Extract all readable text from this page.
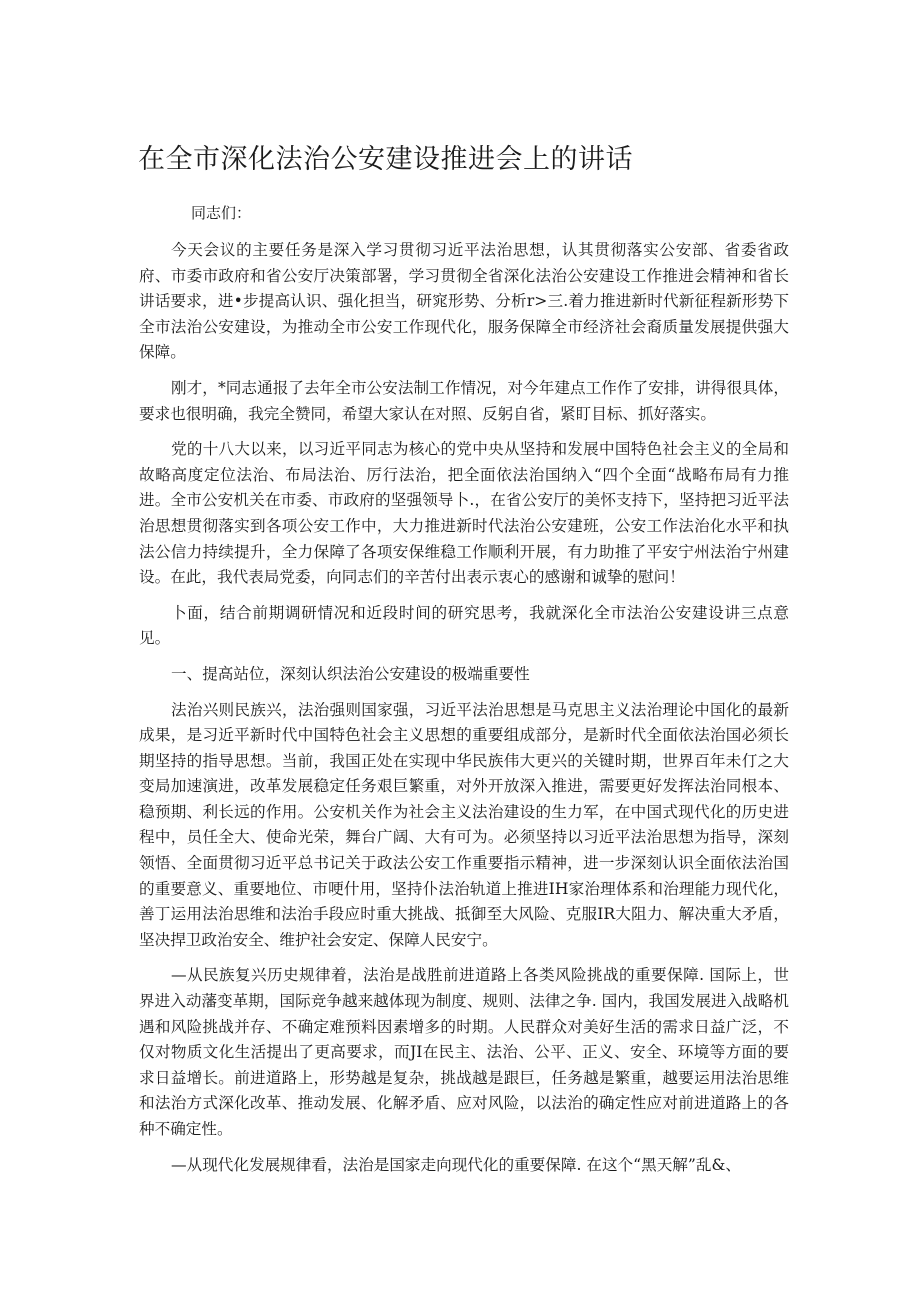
在全市深化法治公安建设推进会上的讲话

同志们：

今天会议的主要任务是深入学习贯彻习近平法治思想，认其贯彻落实公安部、省委省政府、市委市政府和省公安厅决策部署，学习贯彻全省深化法治公安建设工作推进会精神和省长讲话要求，进•步提高认识、强化担当，研窕形势、分析r>三.着力推进新时代新征程新形势下全市法治公安建设，为推动全市公安工作现代化，服务保障全市经济社会裔质量发展提供强大保障。

刚才，*同志通报了去年全市公安法制工作情况，对今年建点工作作了安排，讲得很具体，要求也很明确，我完全赞同，希望大家认在对照、反躬自省，紧盯目标、抓好落实。

党的十八大以来，以习近平同志为核心的党中央从坚持和发展中国特色社会主义的全局和故略高度定位法治、布局法治、厉行法治，把全面依法治国纳入“四个全面“战略布局有力推进。全市公安机关在市委、市政府的坚强领导卜.，在省公安厅的美怀支持下，坚持把习近平法治思想贯彻落实到各项公安工作中，大力推进新时代法治公安建班，公安工作法治化水平和执法公信力持续提升，全力保障了各项安保维稳工作顺利开展，有力助推了平安宁州法治宁州建设。在此，我代表局党委，向同志们的辛苦付出表示衷心的感谢和诚挚的慰问！

卜面，结合前期调研情况和近段时间的研究思考，我就深化全市法治公安建设讲三点意见。

一、提高站位，深刻认织法治公安建设的极端重要性

法治兴则民族兴，法治强则国家强，习近平法治思想是马克思主义法治理论中国化的最新成果，是习近平新时代中国特色社会主义思想的重要组成部分，是新时代全面依法治国必须长期坚持的指导思想。当前，我国正处在实现中华民族伟大更兴的关键时期，世界百年未仃之大变局加速演进，改革发展稳定任务艰巨繁重，对外开放深入推进，需要更好发挥法治同根本、稳预期、利长远的作用。公安机关作为社会主义法治建设的生力军，在中国式现代化的历史进程中，员任全大、使命光荣，舞台广阔、大有可为。必须坚持以习近平法治思想为指导，深刻领悟、全面贯彻习近平总书记关于政法公安工作重要指示精神，进一步深刻认识全面依法治国的重要意义、重要地位、市哽什用，坚持仆法治轨道上推进IH家治理体系和治理能力现代化，善丁运用法治思维和法治手段应时重大挑战、抵御至大风险、克服IR大阻力、解决重大矛盾，坚决捍卫政治安全、维护社会安定、保障人民安宁。

—从民族复兴历史规律着，法治是战胜前进道路上各类风险挑战的重要保障. 国际上，世界进入动藩变革期，国际竞争越来越体现为制度、规则、法律之争. 国内，我国发展进入战略机遇和风险挑战并存、不确定难预料因素增多的时期。人民群众对美好生活的需求日益广泛，不仅对物质文化生活提出了更高要求，而JI在民主、法治、公平、正义、安全、环境等方面的要求日益增长。前进道路上，形势越是复杂，挑战越是跟巨，任务越是繁重，越要运用法治思维和法治方式深化改革、推动发展、化解矛盾、应对风险，以法治的确定性应对前进道路上的各种不确定性。

—从现代化发展规律看，法治是国家走向现代化的重要保障. 在这个“黑天解”乱&、
